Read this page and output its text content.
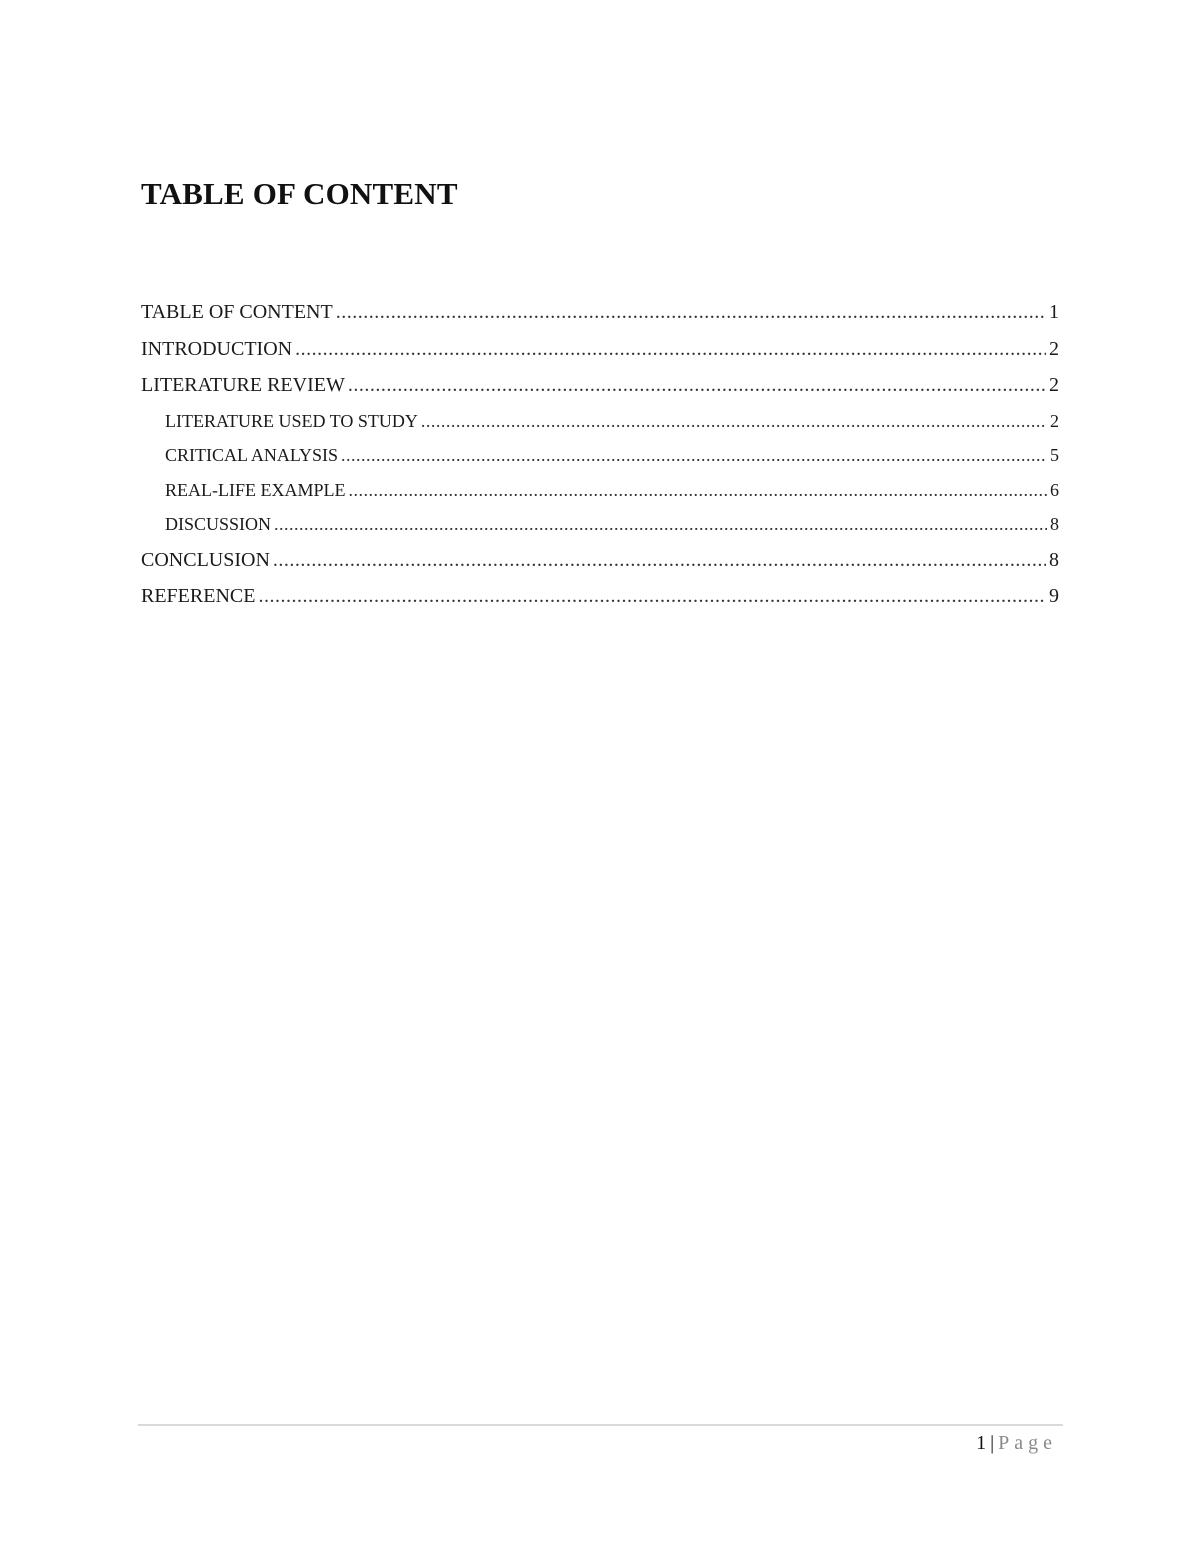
TABLE OF CONTENT
TABLE OF CONTENT .....	1
INTRODUCTION .....	2
LITERATURE REVIEW .....	2
LITERATURE USED TO STUDY .....	2
CRITICAL ANALYSIS .....	5
REAL-LIFE EXAMPLE .....	6
DISCUSSION .....	8
CONCLUSION .....	8
REFERENCE .....	9
1 | Page
